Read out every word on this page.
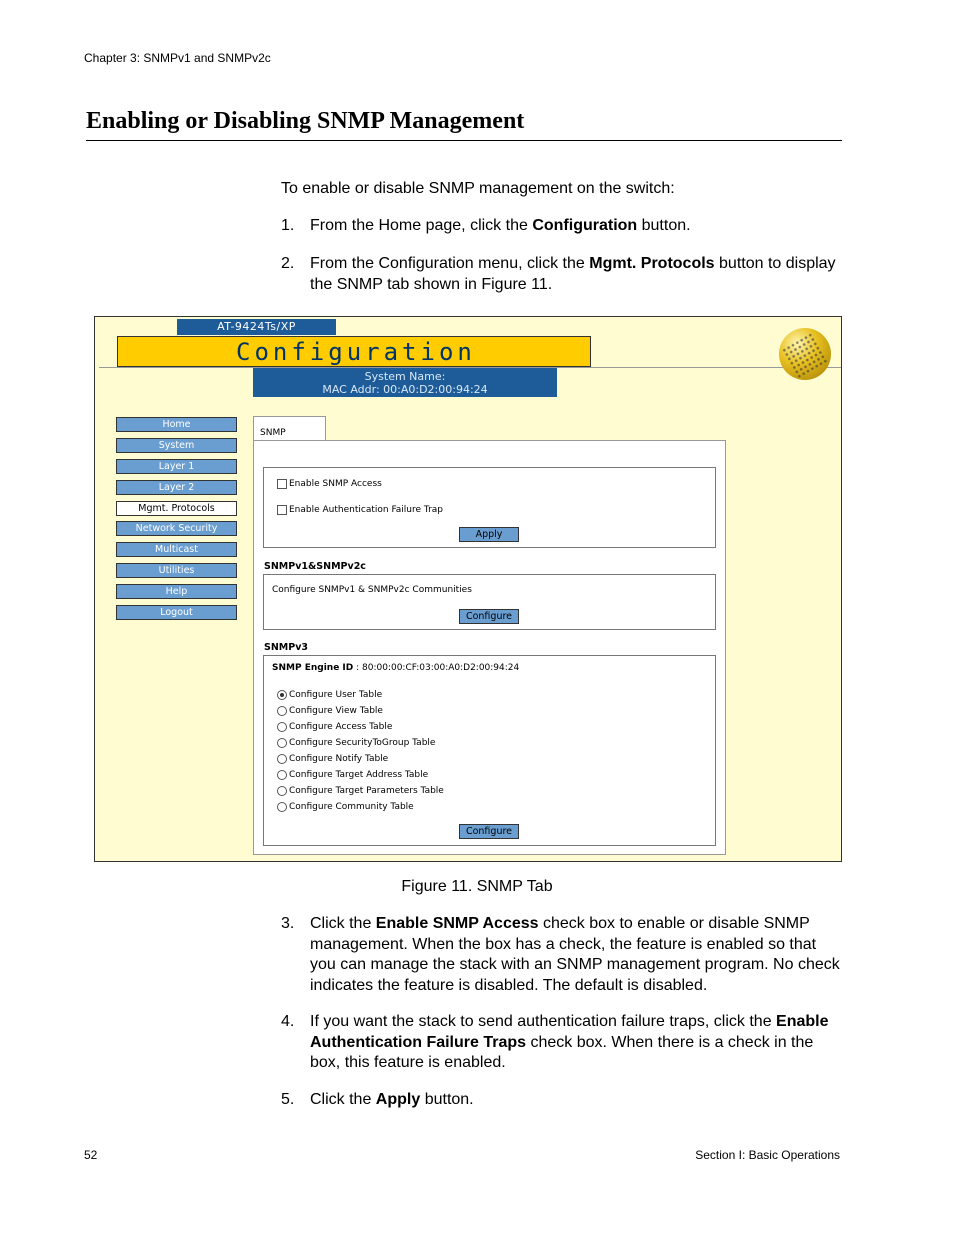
Chapter 3: SNMPv1 and SNMPv2c
Enabling or Disabling SNMP Management
To enable or disable SNMP management on the switch:
1. From the Home page, click the Configuration button.
2. From the Configuration menu, click the Mgmt. Protocols button to display the SNMP tab shown in Figure 11.
AT-9424Ts/XP
Configuration
System Name:
MAC Addr: 00:A0:D2:00:94:24
Home
System
Layer 1
Layer 2
Mgmt. Protocols
Network Security
Multicast
Utilities
Help
Logout
SNMP
Enable SNMP Access
Enable Authentication Failure Trap
Apply
SNMPv1&SNMPv2c
Configure SNMPv1 & SNMPv2c Communities
Configure
SNMPv3
SNMP Engine ID : 80:00:00:CF:03:00:A0:D2:00:94:24
Configure User Table
Configure View Table
Configure Access Table
Configure SecurityToGroup Table
Configure Notify Table
Configure Target Address Table
Configure Target Parameters Table
Configure Community Table
Configure
Figure 11. SNMP Tab
3. Click the Enable SNMP Access check box to enable or disable SNMP management. When the box has a check, the feature is enabled so that you can manage the stack with an SNMP management program. No check indicates the feature is disabled. The default is disabled.
4. If you want the stack to send authentication failure traps, click the Enable Authentication Failure Traps check box. When there is a check in the box, this feature is enabled.
5. Click the Apply button.
52	Section I: Basic Operations
